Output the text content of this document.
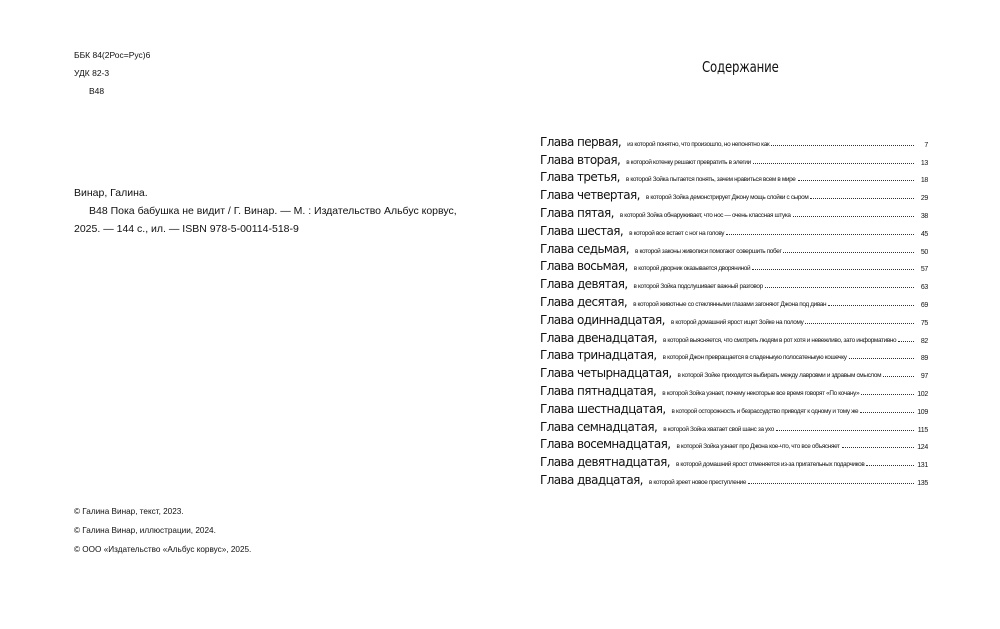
ББК 84(2Рос=Рус)6
УДК 82-3
В48
Винар, Галина.
В48 Пока бабушка не видит / Г. Винар. — М. : Издательство Альбус корвус, 2025. — 144 с., ил. — ISBN 978-5-00114-518-9
© Галина Винар, текст, 2023.
© Галина Винар, иллюстрации, 2024.
© ООО «Издательство «Альбус корвус», 2025.
Содержание
Глава первая, из которой понятно, что произошло, но непонятно как	7
Глава вторая, в которой котенку решают превратить в элегии	13
Глава третья, в которой Зойка пытается понять, зачем нравиться всем в мире	18
Глава четвертая, в которой Зойка демонстрирует Джону мощь слойки с сыром	29
Глава пятая, в которой Зойка обнаруживает, что нос — очень классная штука	38
Глава шестая, в которой все встает с ног на голову	45
Глава седьмая, в которой законы живописи помогают совершить побег	50
Глава восьмая, в которой дворник оказывается дворяниной	57
Глава девятая, в которой Зойка подслушивает важный разговор	63
Глава десятая, в которой животные со стеклянными глазами загоняют Джона под диван	69
Глава одиннадцатая, в которой домашний ярост ищет Зойке на полому	75
Глава двенадцатая, в которой выясняется, что смотреть людям в рот хотя и невежливо, зато информативно	82
Глава тринадцатая, в которой Джон превращается в сладенькую полосатенькую кошечку	89
Глава четырнадцатая, в которой Зойке приходится выбирать между лавровми и здравым смыслом	97
Глава пятнадцатая, в которой Зойка узнает, почему некоторые все время говорят «По кочану»	102
Глава шестнадцатая, в которой осторожность и безрассудство приводят к одному и тому же	109
Глава семнадцатая, в которой Зойка хватает свой шанс за ухо	115
Глава восемнадцатая, в которой Зойка узнает про Джона кое-что, что все объясняет	124
Глава девятнадцатая, в которой домашний ярост отменяется из-за пригательных подарчиков	131
Глава двадцатая, в которой зреет новое преступление	135
